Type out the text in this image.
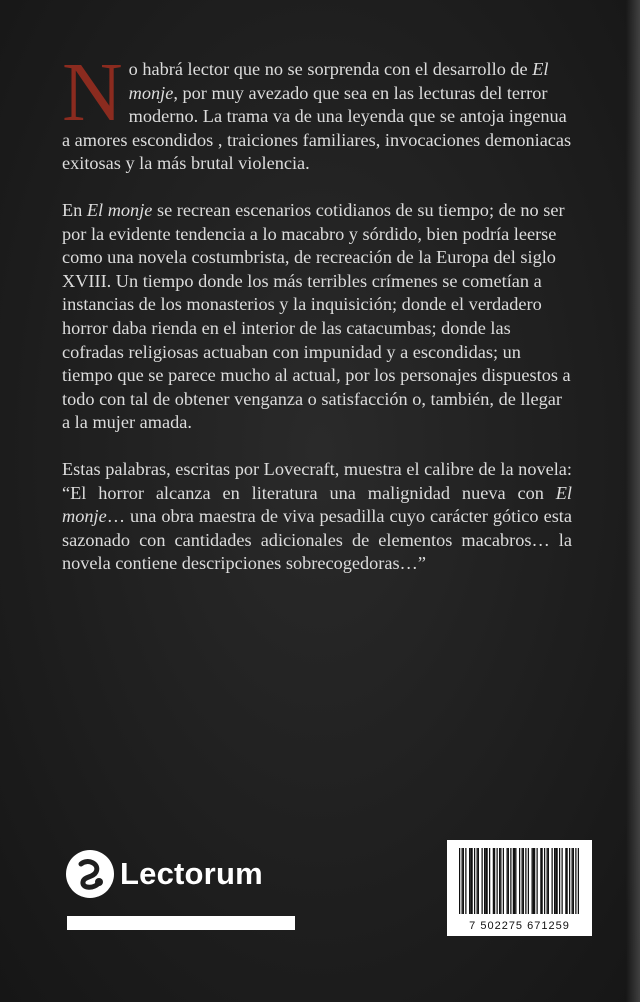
No habrá lector que no se sorprenda con el desarrollo de El monje, por muy avezado que sea en las lecturas del terror moderno. La trama va de una leyenda que se antoja ingenua a amores escondidos , traiciones familiares, invocaciones demoniacas exitosas y la más brutal violencia.

En El monje se recrean escenarios cotidianos de su tiempo; de no ser por la evidente tendencia a lo macabro y sórdido, bien podría leerse como una novela costumbrista, de recreación de la Europa del siglo XVIII. Un tiempo donde los más terribles crímenes se cometían a instancias de los monasterios y la inquisición; donde el verdadero horror daba rienda en el interior de las catacumbas; donde las cofradas religiosas actuaban con impunidad y a escondidas; un tiempo que se parece mucho al actual, por los personajes dispuestos a todo con tal de obtener venganza o satisfacción o, también, de llegar a la mujer amada.

Estas palabras, escritas por Lovecraft, muestra el calibre de la novela: “El horror alcanza en literatura una malignidad nueva con El monje… una obra maestra de viva pesadilla cuyo carácter gótico esta sazonado con cantidades adicionales de elementos macabros… la novela contiene descripciones sobrecogedoras…”

Lectorum
7 502275 671259
